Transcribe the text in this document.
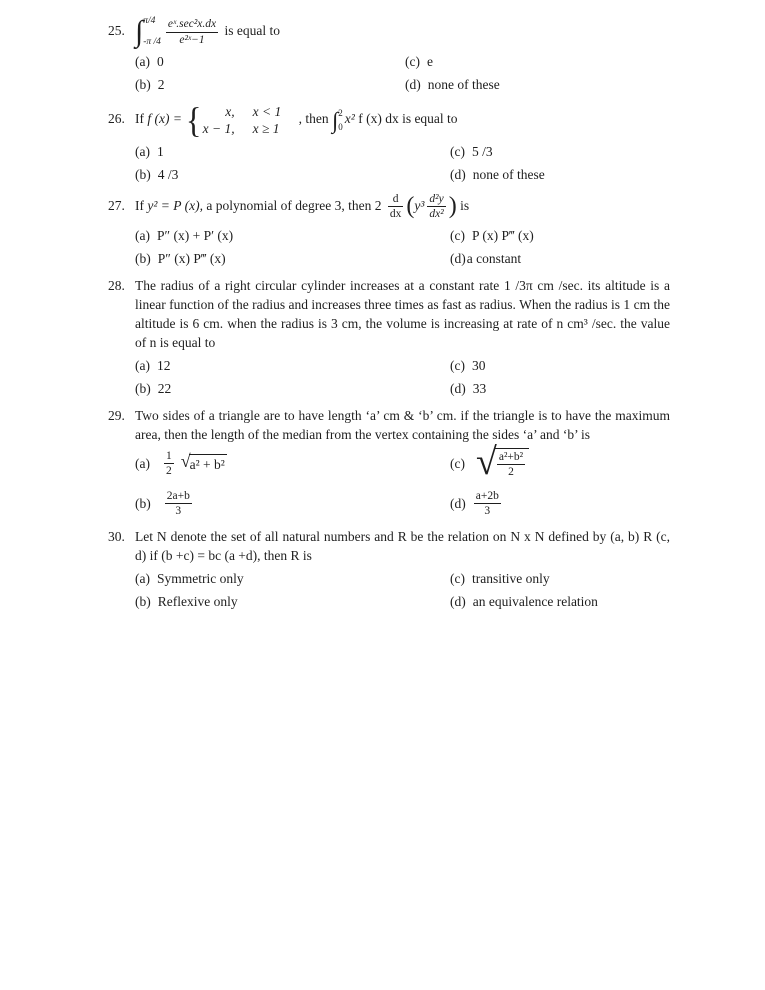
25. ∫ π/4
-π $/4 \frac{\text{eˣ.sec²x.dx}}{\text{e²ˣ−1}}$ is equal to
(a) 0	(c) e
(b) 2	(d) none of these
26. If f (x) = {	x, x < 1
x − 1, x ≥ 1
, then ∫ 2
0
x² f (x) dx is equal to
(a) 1	(c) 5 /3
(b) 4 /3	(d) none of these
27. If y² = P (x), a polynomial of degree 3, then $2 \frac{d}{dx} (y^3 \frac{\text{d²y}}{\text{dx²}}$ ) is
(a) P″ (x) + P′ (x)	(c) P (x) P‴ (x)
(b) P″ (x) P‴ (x)	(d)a constant
28. The radius of a right circular cylinder increases at a constant rate 1 /3π cm /sec. its altitude is a linear function of the radius and increases three times as fast as radius. When the radius is 1 cm the altitude is 6 cm. when the radius is 3 cm, the volume is increasing at rate of n cm³ /sec. the value of n is equal to
(a) 12	(c) 30
(b) 22	(d) 33
29. Two sides of a triangle are to have length ‘a’ cm & ‘b’ cm. if the triangle is to have the maximum area, then the length of the median from the vertex containing the sides ‘a’ and ‘b’ is
$(a) \frac{1}{2}$ √ a² + b²	(c) √ $\frac{\text{a²+b²}}{2}$
$(b) \frac{2a+b}{3}$	$(d) \frac{a+2b}{3}$
30. Let N denote the set of all natural numbers and R be the relation on N x N defined by (a, b) R (c, d) if (b +c) = bc (a +d), then R is
(a) Symmetric only	(c) transitive only
(b) Reflexive only	(d) an equivalence relation
